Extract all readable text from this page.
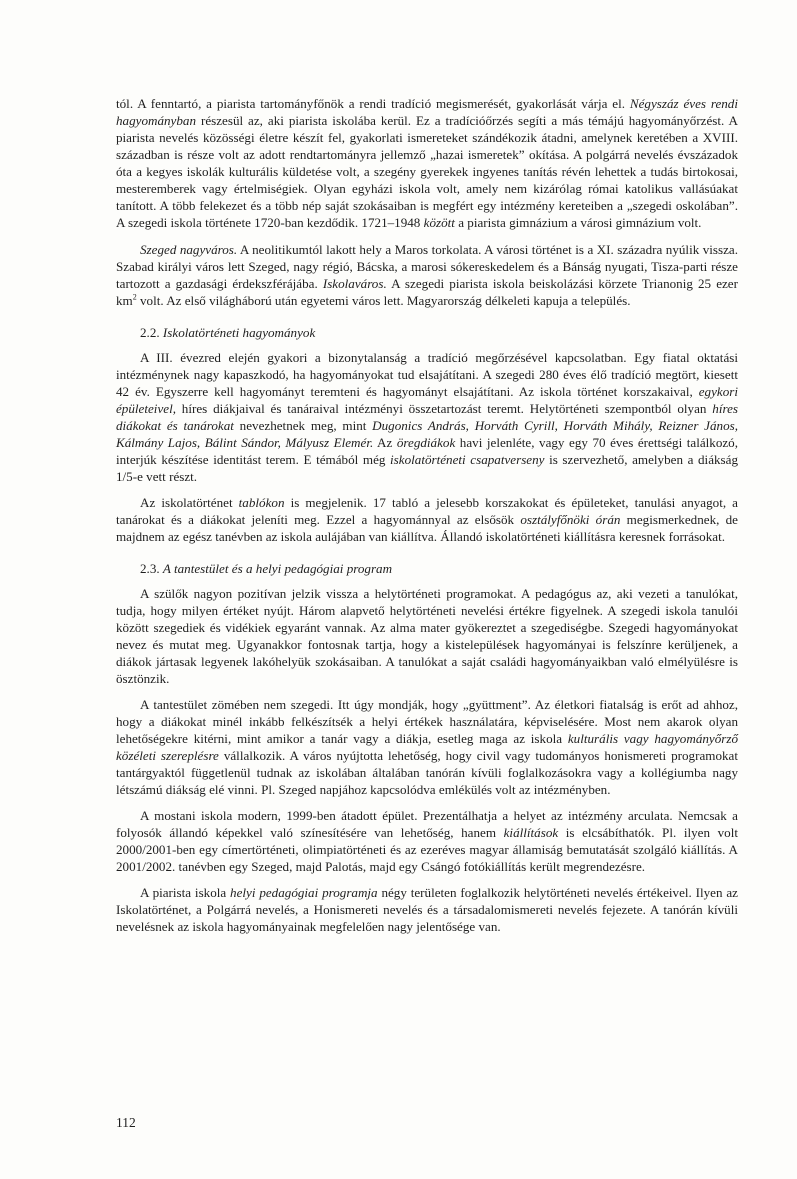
tól. A fenntartó, a piarista tartományfőnök a rendi tradíció megismerését, gyakorlását várja el. Négyszáz éves rendi hagyományban részesül az, aki piarista iskolába kerül. Ez a tradícióőrzés segíti a más témájú hagyományőrzést. A piarista nevelés közösségi életre készít fel, gyakorlati ismereteket szándékozik átadni, amelynek keretében a XVIII. században is része volt az adott rendtartományra jellemző „hazai ismeretek” okítása. A polgárrá nevelés évszázadok óta a kegyes iskolák kulturális küldetése volt, a szegény gyerekek ingyenes tanítás révén lehettek a tudás birtokosai, mesteremberek vagy értelmiségiek. Olyan egyházi iskola volt, amely nem kizárólag római katolikus vallásúakat tanított. A több felekezet és a több nép saját szokásaiban is megfért egy intézmény kereteiben a „szegedi oskolában”. A szegedi iskola története 1720-ban kezdődik. 1721–1948 között a piarista gimnázium a városi gimnázium volt.

Szeged nagyváros. A neolitikumtól lakott hely a Maros torkolata. A városi történet is a XI. századra nyúlik vissza. Szabad királyi város lett Szeged, nagy régió, Bácska, a marosi sókereskedelem és a Bánság nyugati, Tisza-parti része tartozott a gazdasági érdekszférájába. Iskolaváros. A szegedi piarista iskola beiskolázási körzete Trianonig 25 ezer $km^2$ volt. Az első világháború után egyetemi város lett. Magyarország délkeleti kapuja a település.

2.2. Iskolatörténeti hagyományok

A III. évezred elején gyakori a bizonytalanság a tradíció megőrzésével kapcsolatban. Egy fiatal oktatási intézménynek nagy kapaszkodó, ha hagyományokat tud elsajátítani. A szegedi 280 éves élő tradíció megtört, kiesett 42 év. Egyszerre kell hagyományt teremteni és hagyományt elsajátítani. Az iskola történet korszakaival, egykori épületeivel, híres diákjaival és tanáraival intézményi összetartozást teremt. Helytörténeti szempontból olyan híres diákokat és tanárokat nevezhetnek meg, mint Dugonics András, Horváth Cyrill, Horváth Mihály, Reizner János, Kálmány Lajos, Bálint Sándor, Mályusz Elemér. Az öregdiákok havi jelenléte, vagy egy 70 éves érettségi találkozó, interjúk készítése identitást terem. E témából még iskolatörténeti csapatverseny is szervezhető, amelyben a diákság 1/5-e vett részt.

Az iskolatörténet tablókon is megjelenik. 17 tabló a jelesebb korszakokat és épületeket, tanulási anyagot, a tanárokat és a diákokat jeleníti meg. Ezzel a hagyománnyal az elsősök osztályfőnöki órán megismerkednek, de majdnem az egész tanévben az iskola aulájában van kiállítva. Állandó iskolatörténeti kiállításra keresnek forrásokat.

2.3. A tantestület és a helyi pedagógiai program

A szülők nagyon pozitívan jelzik vissza a helytörténeti programokat. A pedagógus az, aki vezeti a tanulókat, tudja, hogy milyen értéket nyújt. Három alapvető helytörténeti nevelési értékre figyelnek. A szegedi iskola tanulói között szegediek és vidékiek egyaránt vannak. Az alma mater gyökereztet a szegediségbe. Szegedi hagyományokat nevez és mutat meg. Ugyanakkor fontosnak tartja, hogy a kistelepülések hagyományai is felszínre kerüljenek, a diákok jártasak legyenek lakóhelyük szokásaiban. A tanulókat a saját családi hagyományaikban való elmélyülésre is ösztönzik.

A tantestület zömében nem szegedi. Itt úgy mondják, hogy „gyüttment”. Az életkori fiatalság is erőt ad ahhoz, hogy a diákokat minél inkább felkészítsék a helyi értékek használatára, képviselésére. Most nem akarok olyan lehetőségekre kitérni, mint amikor a tanár vagy a diákja, esetleg maga az iskola kulturális vagy hagyományőrző közéleti szereplésre vállalkozik. A város nyújtotta lehetőség, hogy civil vagy tudományos honismereti programokat tantárgyaktól függetlenül tudnak az iskolában általában tanórán kívüli foglalkozásokra vagy a kollégiumba nagy létszámú diákság elé vinni. Pl. Szeged napjához kapcsolódva emlékülés volt az intézményben.

A mostani iskola modern, 1999-ben átadott épület. Prezentálhatja a helyet az intézmény arculata. Nemcsak a folyosók állandó képekkel való színesítésére van lehetőség, hanem kiállítások is elcsábíthatók. Pl. ilyen volt 2000/2001-ben egy címertörténeti, olimpiatörténeti és az ezeréves magyar államiság bemutatását szolgáló kiállítás. A 2001/2002. tanévben egy Szeged, majd Palotás, majd egy Csángó fotókiállítás került megrendezésre.

A piarista iskola helyi pedagógiai programja négy területen foglalkozik helytörténeti nevelés értékeivel. Ilyen az Iskolatörténet, a Polgárrá nevelés, a Honismereti nevelés és a társadalomismereti nevelés fejezete. A tanórán kívüli nevelésnek az iskola hagyományainak megfelelően nagy jelentősége van.

112
